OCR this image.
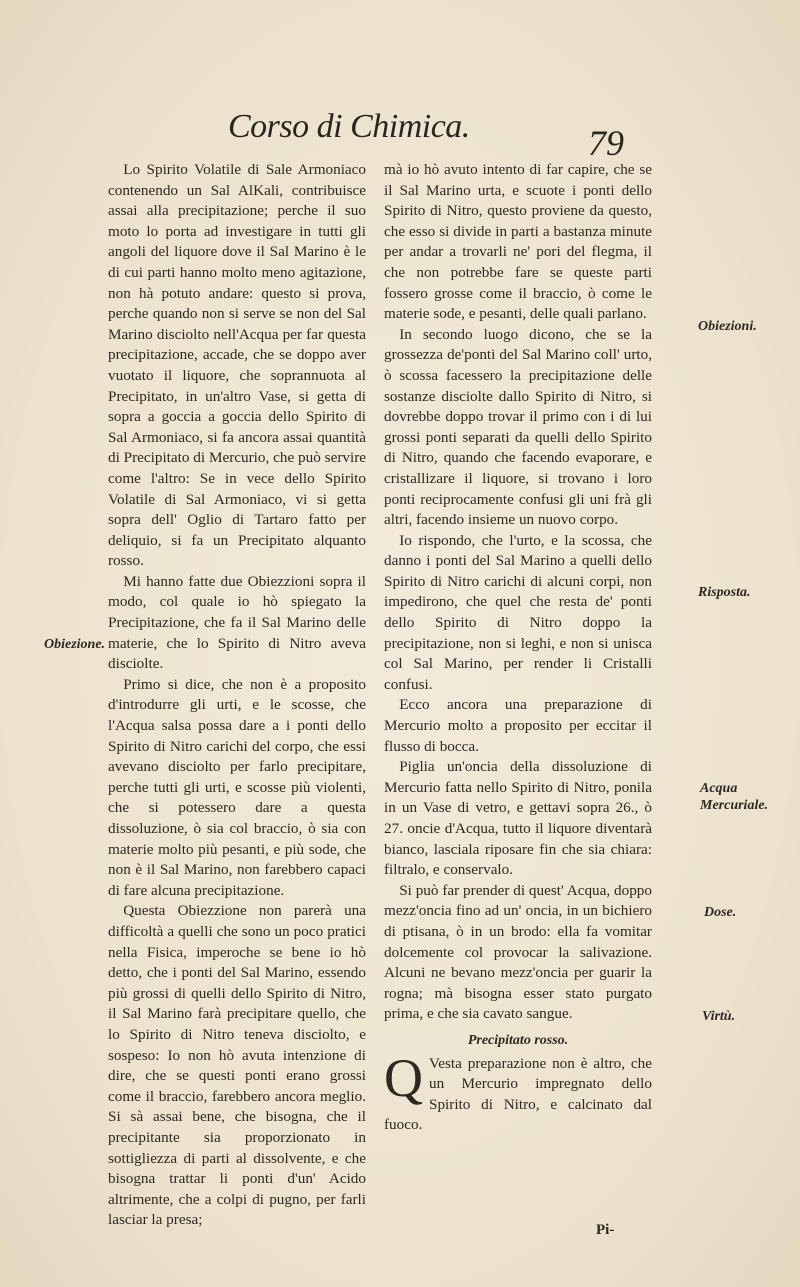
Corso di Chimica.	79

Lo Spirito Volatile di Sale Armoniaco contenendo un Sal AlKali, contribuisce assai alla precipitazione; perche il suo moto lo porta ad investigare in tutti gli angoli del liquore dove il Sal Marino è le di cui parti hanno molto meno agitazione, non hà potuto andare: questo si prova, perche quando non si serve se non del Sal Marino disciolto nell'Acqua per far questa precipitazione, accade, che se doppo aver vuotato il liquore, che soprannuota al Precipitato, in un'altro Vase, si getta di sopra a goccia a goccia dello Spirito di Sal Armoniaco, si fa ancora assai quantità di Precipitato di Mercurio, che può servire come l'altro: Se in vece dello Spirito Volatile di Sal Armoniaco, vi si getta sopra dell' Oglio di Tartaro fatto per deliquio, si fa un Precipitato alquanto rosso.

Mi hanno fatte due Obiezzioni sopra il modo, col quale io hò spiegato la Precipitazione, che fa il Sal Marino delle materie, che lo Spirito di Nitro aveva disciolte.

Primo si dice, che non è a proposito d'introdurre gli urti, e le scosse, che l'Acqua salsa possa dare a i ponti dello Spirito di Nitro carichi del corpo, che essi avevano disciolto per farlo precipitare, perche tutti gli urti, e scosse più violenti, che si potessero dare a questa dissoluzione, ò sia col braccio, ò sia con materie molto più pesanti, e più sode, che non è il Sal Marino, non farebbero capaci di fare alcuna precipitazione.

Questa Obiezzione non parerà una difficoltà a quelli che sono un poco pratici nella Fisica, imperoche se bene io hò detto, che i ponti del Sal Marino, essendo più grossi di quelli dello Spirito di Nitro, il Sal Marino farà precipitare quello, che lo Spirito di Nitro teneva disciolto, e sospeso: Io non hò avuta intenzione di dire, che se questi ponti erano grossi come il braccio, farebbero ancora meglio. Si sà assai bene, che bisogna, che il precipitante sia proporzionato in sottigliezza di parti al dissolvente, e che bisogna trattar li ponti d'un' Acido altrimente, che a colpi di pugno, per farli lasciar la presa;

mà io hò avuto intento di far capire, che se il Sal Marino urta, e scuote i ponti dello Spirito di Nitro, questo proviene da questo, che esso si divide in parti a bastanza minute per andar a trovarli ne' pori del flegma, il che non potrebbe fare se queste parti fossero grosse come il braccio, ò come le materie sode, e pesanti, delle quali parlano.

In secondo luogo dicono, che se la grossezza de'ponti del Sal Marino coll' urto, ò scossa facessero la precipitazione delle sostanze disciolte dallo Spirito di Nitro, si dovrebbe doppo trovar il primo con i di lui grossi ponti separati da quelli dello Spirito di Nitro, quando che facendo evaporare, e cristallizare il liquore, si trovano i loro ponti reciprocamente confusi gli uni frà gli altri, facendo insieme un nuovo corpo.

Io rispondo, che l'urto, e la scossa, che danno i ponti del Sal Marino a quelli dello Spirito di Nitro carichi di alcuni corpi, non impedirono, che quel che resta de' ponti dello Spirito di Nitro doppo la precipitazione, non si leghi, e non si unisca col Sal Marino, per render li Cristalli confusi.

Ecco ancora una preparazione di Mercurio molto a proposito per eccitar il flusso di bocca.

Piglia un'oncia della dissoluzione di Mercurio fatta nello Spirito di Nitro, ponila in un Vase di vetro, e gettavi sopra 26., ò 27. oncie d'Acqua, tutto il liquore diventarà bianco, lasciala riposare fin che sia chiara: filtralo, e conservalo.

Si può far prender di quest' Acqua, doppo mezz'oncia fino ad un' oncia, in un bichiero di ptisana, ò in un brodo: ella fa vomitar dolcemente col provocar la salivazione. Alcuni ne bevano mezz'oncia per guarir la rogna; mà bisogna esser stato purgato prima, e che sia cavato sangue.

Precipitato rosso.

Q Vesta preparazione non è altro, che un Mercurio impregnato dello Spirito di Nitro, e calcinato dal fuoco.

Obiezione.
Obiezioni.
Risposta.
Acqua Mercuriale.
Dose.
Virtù.
Pi-
